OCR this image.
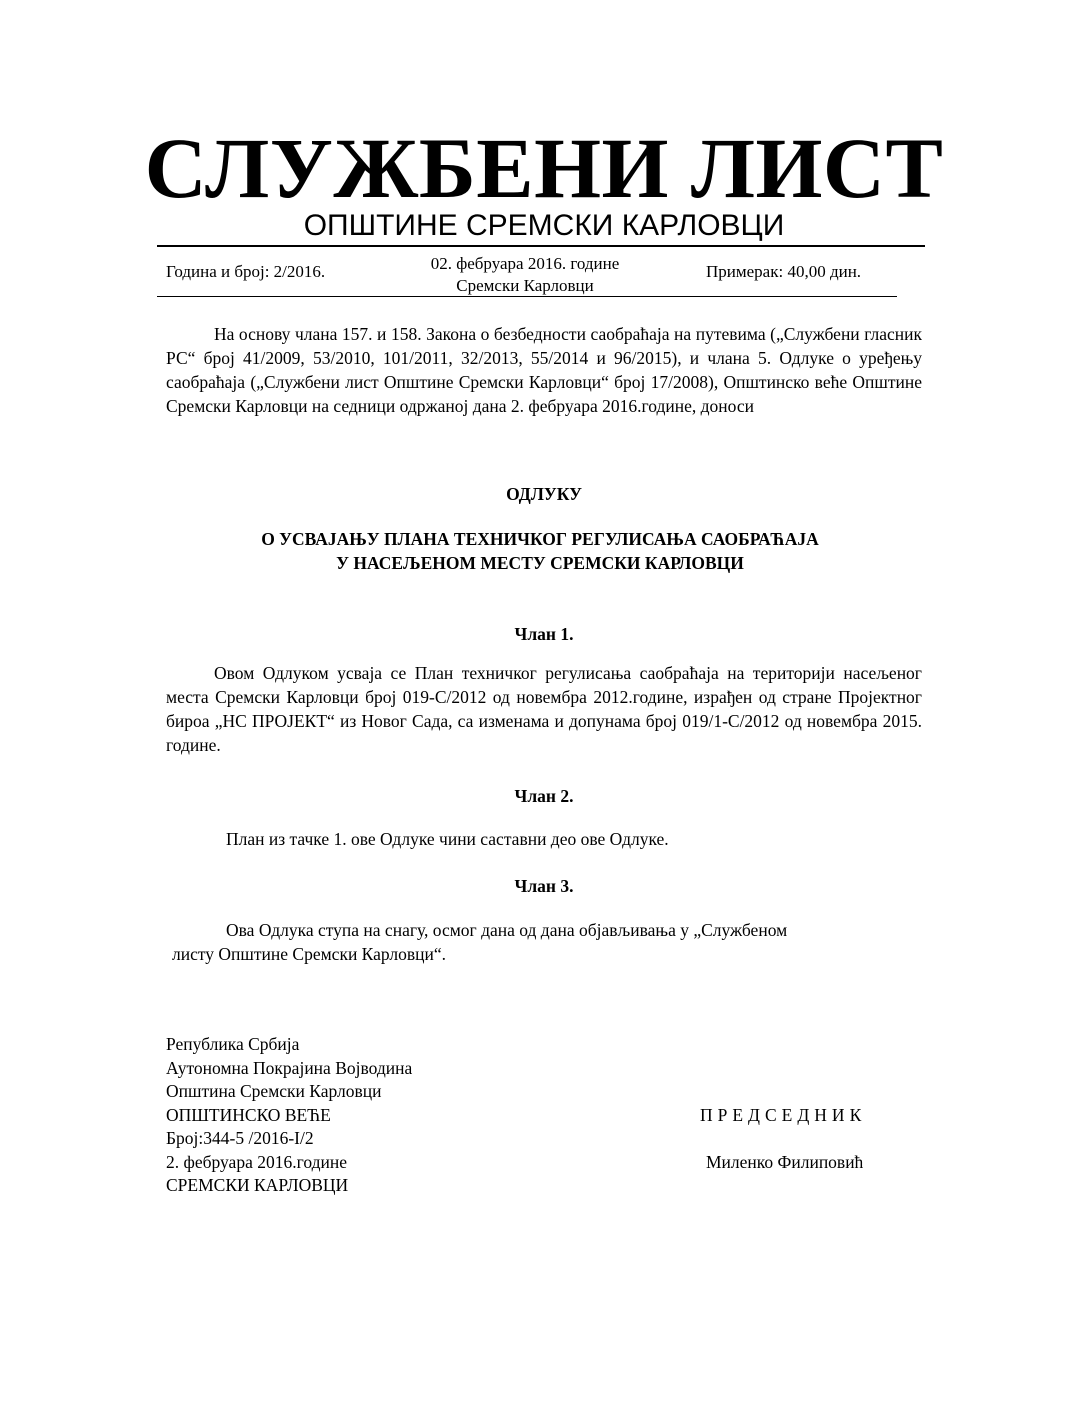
СЛУЖБЕНИ ЛИСТ
ОПШТИНЕ СРЕМСКИ КАРЛОВЦИ
Година и број: 2/2016.	02. фебруара 2016. године
Сремски Карловци
Примерак: 40,00 дин.

На основу члана 157. и 158. Закона о безбедности саобраћаја на путевима („Службени гласник РС“ број 41/2009, 53/2010, 101/2011, 32/2013, 55/2014 и 96/2015), и члана 5. Одлуке о уређењу саобраћаја („Службени лист Општине Сремски Карловци“ број 17/2008), Општинско веће Општине Сремски Карловци на седници одржаној дана 2. фебруара 2016.године, доноси

ОДЛУКУ
О УСВАЈАЊУ ПЛАНА ТЕХНИЧКОГ РЕГУЛИСАЊА САОБРАЋАЈА
У НАСЕЉЕНОМ МЕСТУ СРЕМСКИ КАРЛОВЦИ
Члан 1.

Овом Одлуком усваја се План техничког регулисања саобраћаја на територији насељеног места Сремски Карловци број 019-С/2012 од новембра 2012.године, израђен од стране Пројектног бироа „НС ПРОЈЕКТ“ из Новог Сада, са изменама и допунама број 019/1-С/2012 од новембра 2015. године.

Члан 2.
План из тачке 1. ове Одлуке чини саставни део ове Одлуке.
Члан 3.
Ова Одлука ступа на снагу, осмог дана од дана објављивања у „Службеном
листу Општине Сремски Карловци“.
Република Србија
Аутономна Покрајина Војводина
Општина Сремски Карловци
ОПШТИНСКО ВЕЋЕ
Број:344-5 /2016-I/2
2. фебруара 2016.године
СРЕМСКИ КАРЛОВЦИ
ПРЕДСЕДНИК
Миленко Филиповић
